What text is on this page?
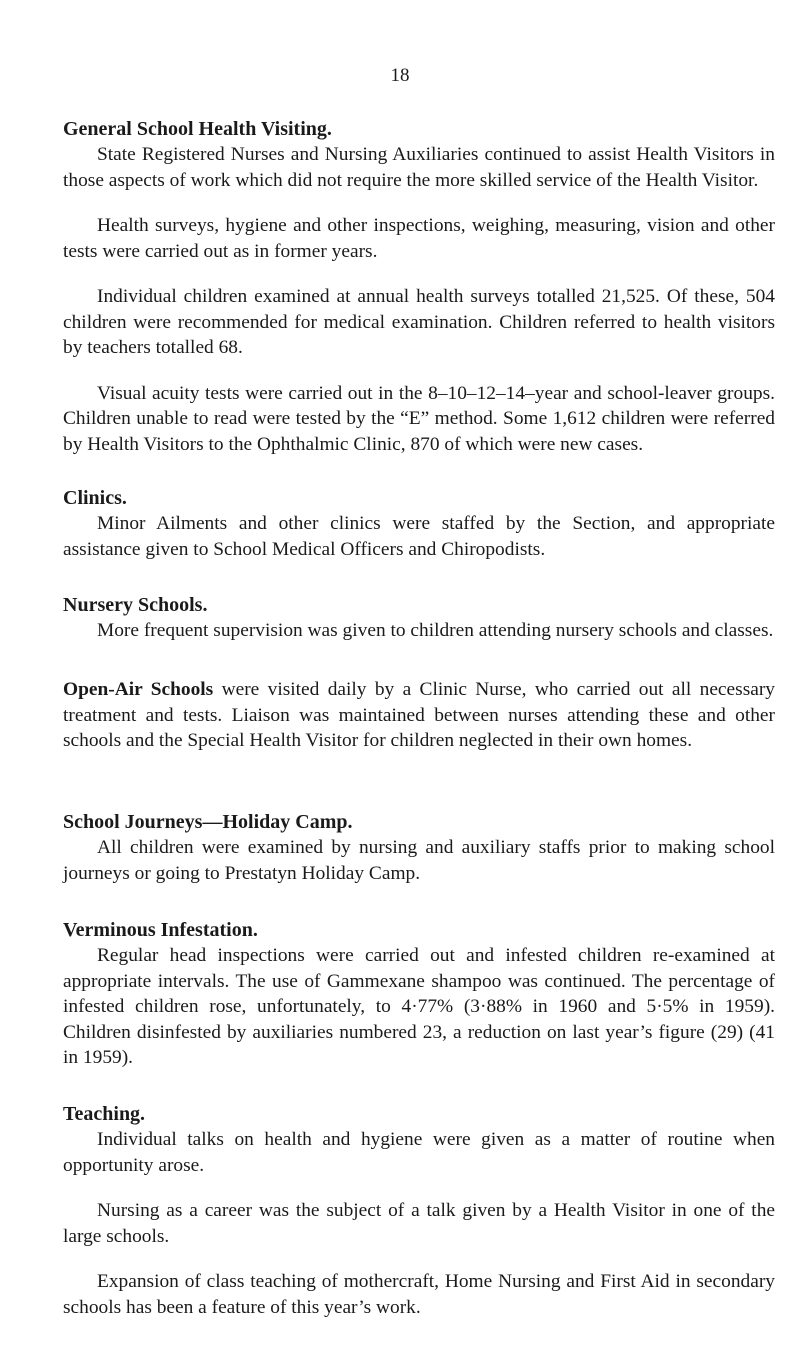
18
General School Health Visiting.

State Registered Nurses and Nursing Auxiliaries continued to assist Health Visitors in those aspects of work which did not require the more skilled service of the Health Visitor.

Health surveys, hygiene and other inspections, weighing, measuring, vision and other tests were carried out as in former years.

Individual children examined at annual health surveys totalled 21,525. Of these, 504 children were recommended for medical examination. Children referred to health visitors by teachers totalled 68.

Visual acuity tests were carried out in the 8–10–12–14–year and school-leaver groups. Children unable to read were tested by the “E” method. Some 1,612 children were referred by Health Visitors to the Ophthalmic Clinic, 870 of which were new cases.

Clinics.

Minor Ailments and other clinics were staffed by the Section, and appropriate assistance given to School Medical Officers and Chiropodists.

Nursery Schools.

More frequent supervision was given to children attending nursery schools and classes.

Open-Air Schools were visited daily by a Clinic Nurse, who carried out all necessary treatment and tests. Liaison was maintained between nurses attending these and other schools and the Special Health Visitor for children neglected in their own homes.

School Journeys—Holiday Camp.

All children were examined by nursing and auxiliary staffs prior to making school journeys or going to Prestatyn Holiday Camp.

Verminous Infestation.

Regular head inspections were carried out and infested children re-examined at appropriate intervals. The use of Gammexane shampoo was continued. The percentage of infested children rose, unfortunately, to 4·77% (3·88% in 1960 and 5·5% in 1959). Children disinfested by auxiliaries numbered 23, a reduction on last year’s figure (29) (41 in 1959).

Teaching.

Individual talks on health and hygiene were given as a matter of routine when opportunity arose.

Nursing as a career was the subject of a talk given by a Health Visitor in one of the large schools.

Expansion of class teaching of mothercraft, Home Nursing and First Aid in secondary schools has been a feature of this year’s work.
